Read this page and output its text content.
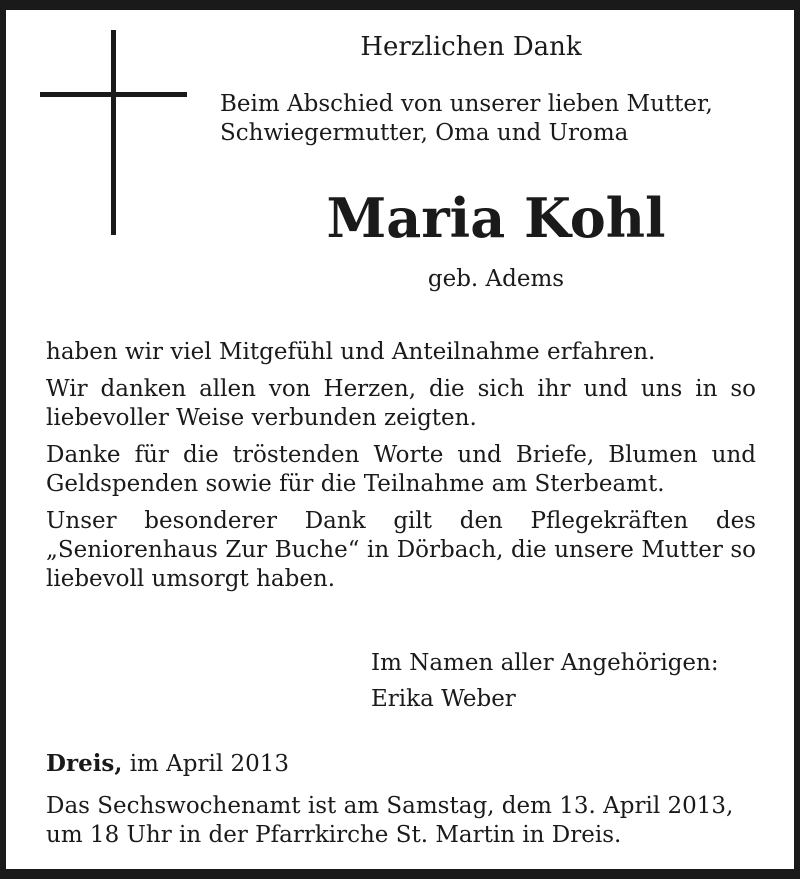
Herzlichen Dank
Beim Abschied von unserer lieben Mutter,
Schwiegermutter, Oma und Uroma
Maria Kohl
geb. Adems

haben wir viel Mitgefühl und Anteilnahme erfahren.

Wir danken allen von Herzen, die sich ihr und uns in so liebevoller Weise verbunden zeigten.

Danke für die tröstenden Worte und Briefe, Blumen und Geldspenden sowie für die Teilnahme am Sterbeamt.

Unser besonderer Dank gilt den Pflegekräften des „Seniorenhaus Zur Buche“ in Dörbach, die unsere Mutter so liebevoll umsorgt haben.

Im Namen aller Angehörigen:
Erika Weber
Dreis, im April 2013
Das Sechswochenamt ist am Samstag, dem 13. April 2013,
um 18 Uhr in der Pfarrkirche St. Martin in Dreis.
